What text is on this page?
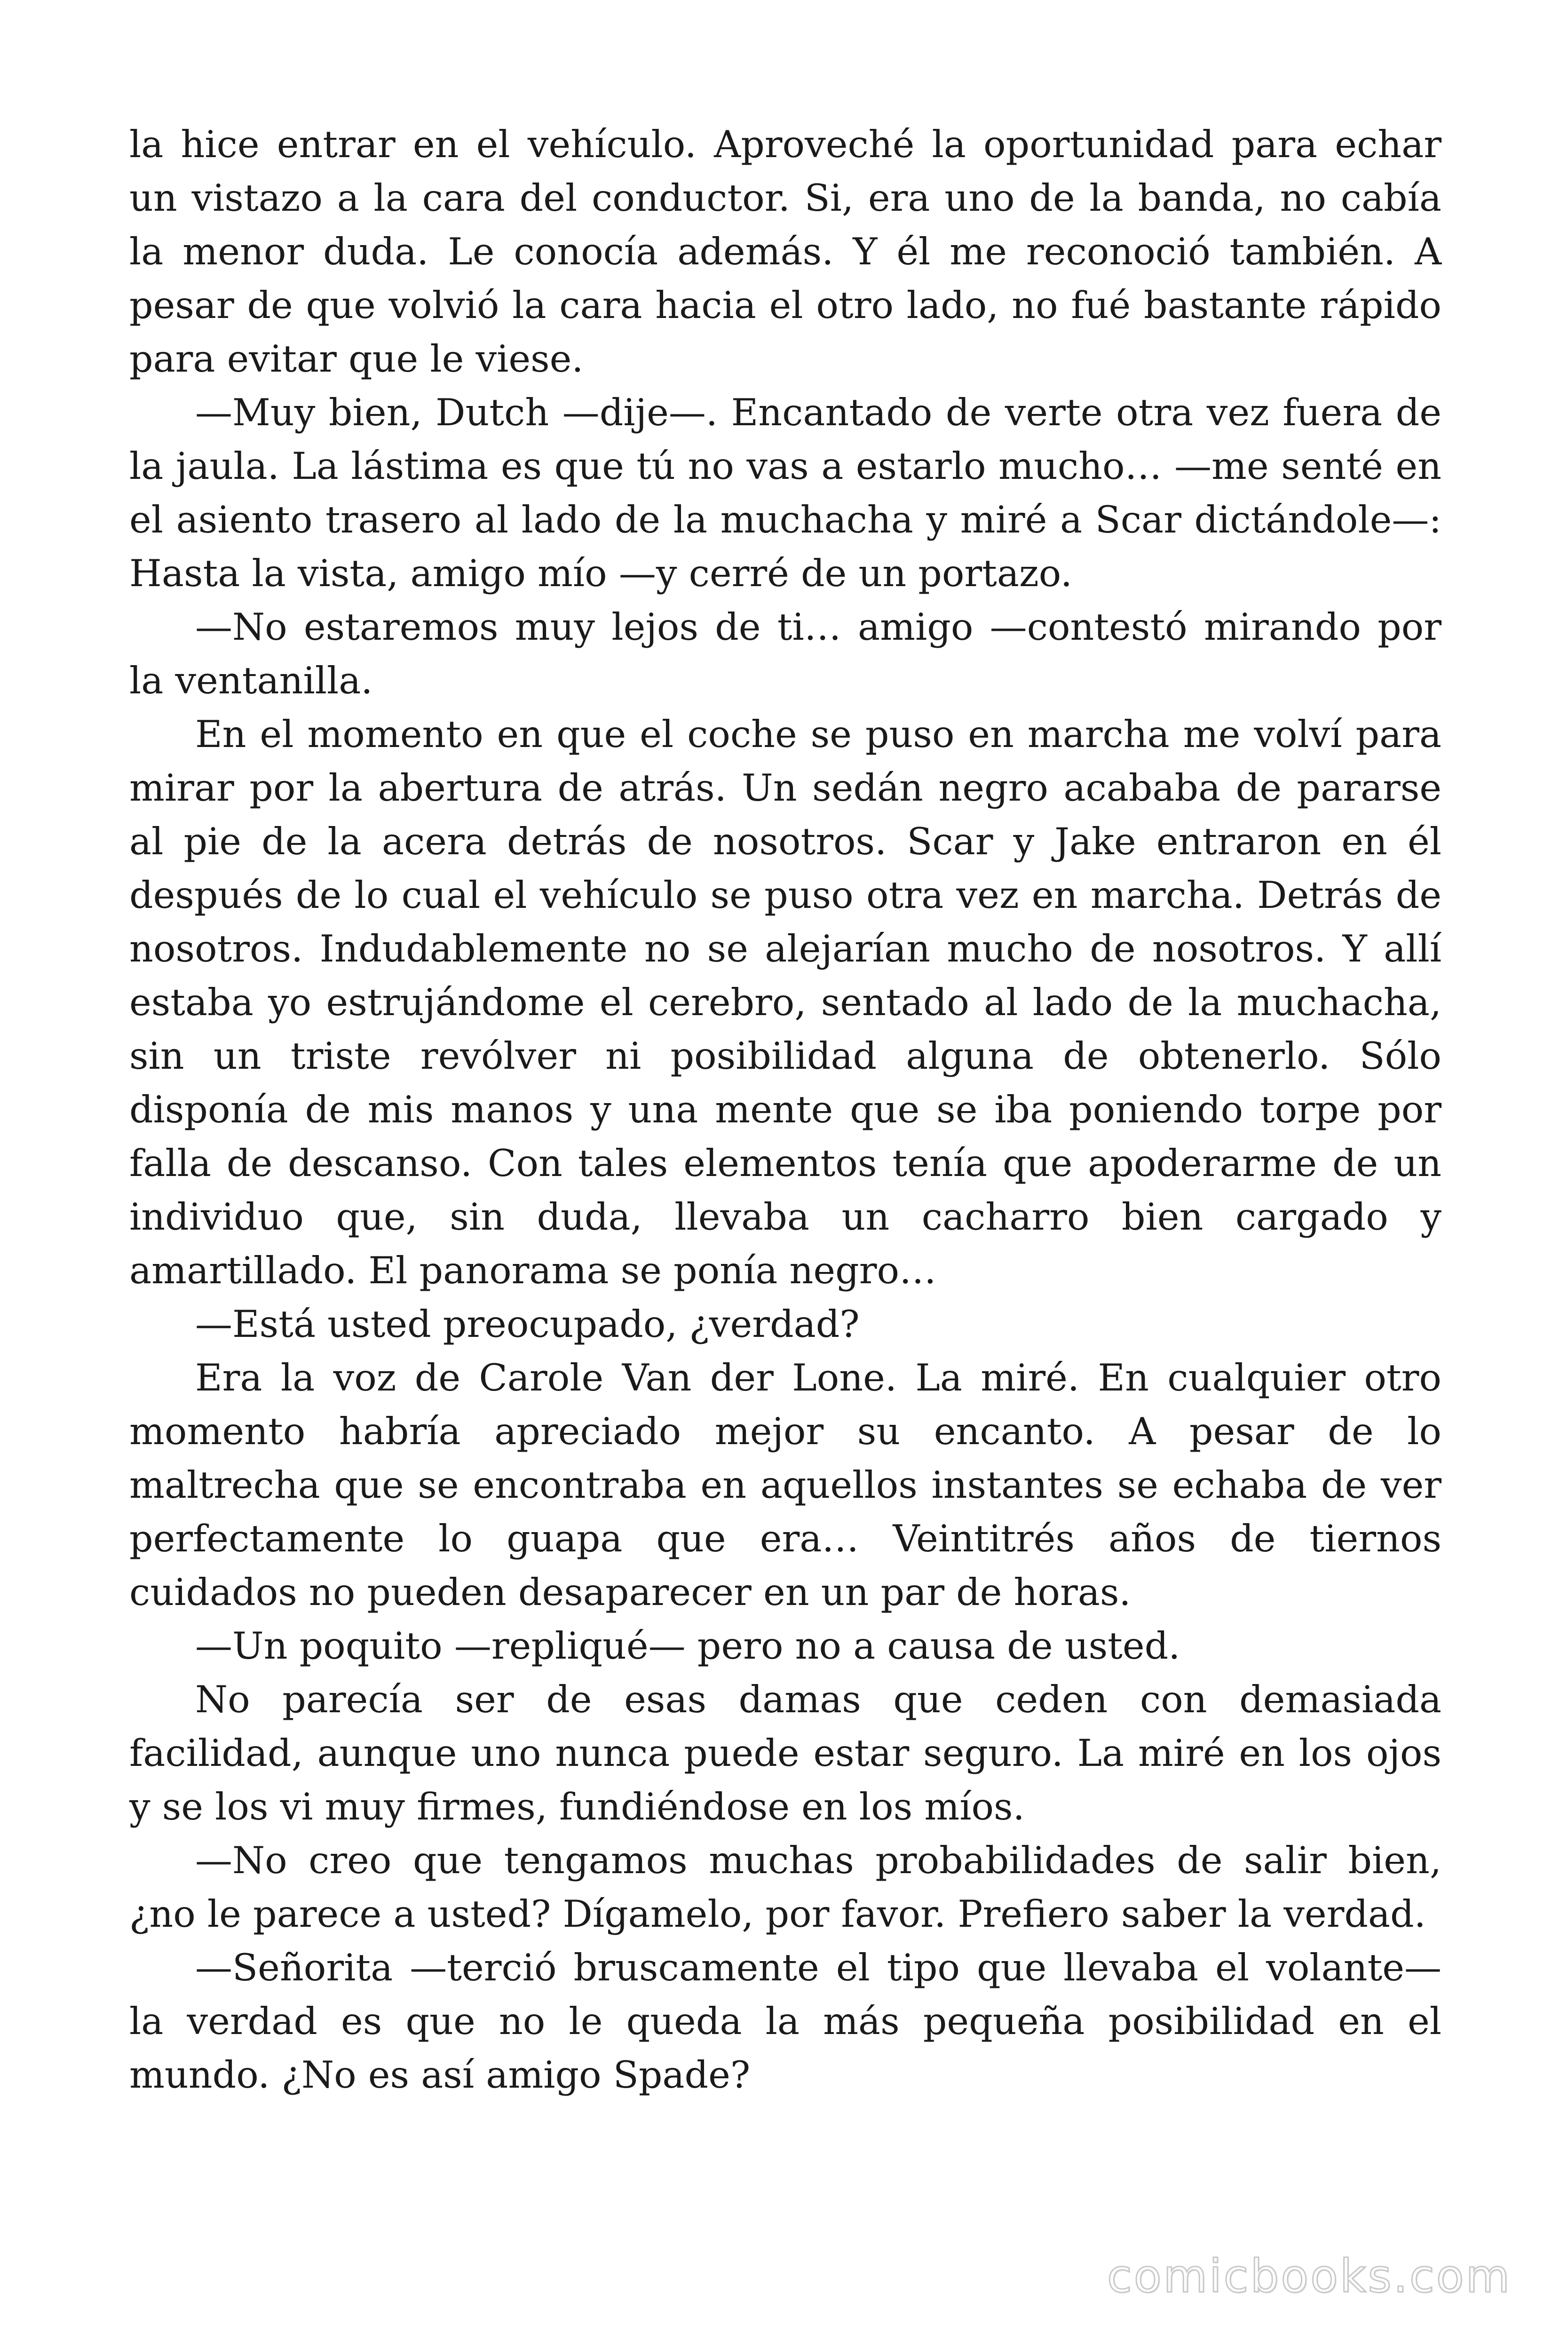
la hice entrar en el vehículo. Aproveché la oportunidad para echar un vistazo a la cara del conductor. Si, era uno de la banda, no cabía la menor duda. Le conocía además. Y él me reconoció también. A pesar de que volvió la cara hacia el otro lado, no fué bastante rápido para evitar que le viese.

—Muy bien, Dutch —dije—. Encantado de verte otra vez fuera de la jaula. La lástima es que tú no vas a estarlo mucho… —me senté en el asiento trasero al lado de la muchacha y miré a Scar dictándole—: Hasta la vista, amigo mío —y cerré de un portazo.

—No estaremos muy lejos de ti… amigo —contestó mirando por la ventanilla.

En el momento en que el coche se puso en marcha me volví para mirar por la abertura de atrás. Un sedán negro acababa de pararse al pie de la acera detrás de nosotros. Scar y Jake entraron en él después de lo cual el vehículo se puso otra vez en marcha. Detrás de nosotros. Indudablemente no se alejarían mucho de nosotros. Y allí estaba yo estrujándome el cerebro, sentado al lado de la muchacha, sin un triste revólver ni posibilidad alguna de obtenerlo. Sólo disponía de mis manos y una mente que se iba poniendo torpe por falla de descanso. Con tales elementos tenía que apoderarme de un individuo que, sin duda, llevaba un cacharro bien cargado y amartillado. El panorama se ponía negro…

—Está usted preocupado, ¿verdad?

Era la voz de Carole Van der Lone. La miré. En cualquier otro momento habría apreciado mejor su encanto. A pesar de lo maltrecha que se encontraba en aquellos instantes se echaba de ver perfectamente lo guapa que era… Veintitrés años de tiernos cuidados no pueden desaparecer en un par de horas.

—Un poquito —repliqué— pero no a causa de usted.

No parecía ser de esas damas que ceden con demasiada facilidad, aunque uno nunca puede estar seguro. La miré en los ojos y se los vi muy firmes, fundiéndose en los míos.

—No creo que tengamos muchas probabilidades de salir bien, ¿no le parece a usted? Dígamelo, por favor. Prefiero saber la verdad.

—Señorita —terció bruscamente el tipo que llevaba el volante— la verdad es que no le queda la más pequeña posibilidad en el mundo. ¿No es así amigo Spade?

comicbooks.com
